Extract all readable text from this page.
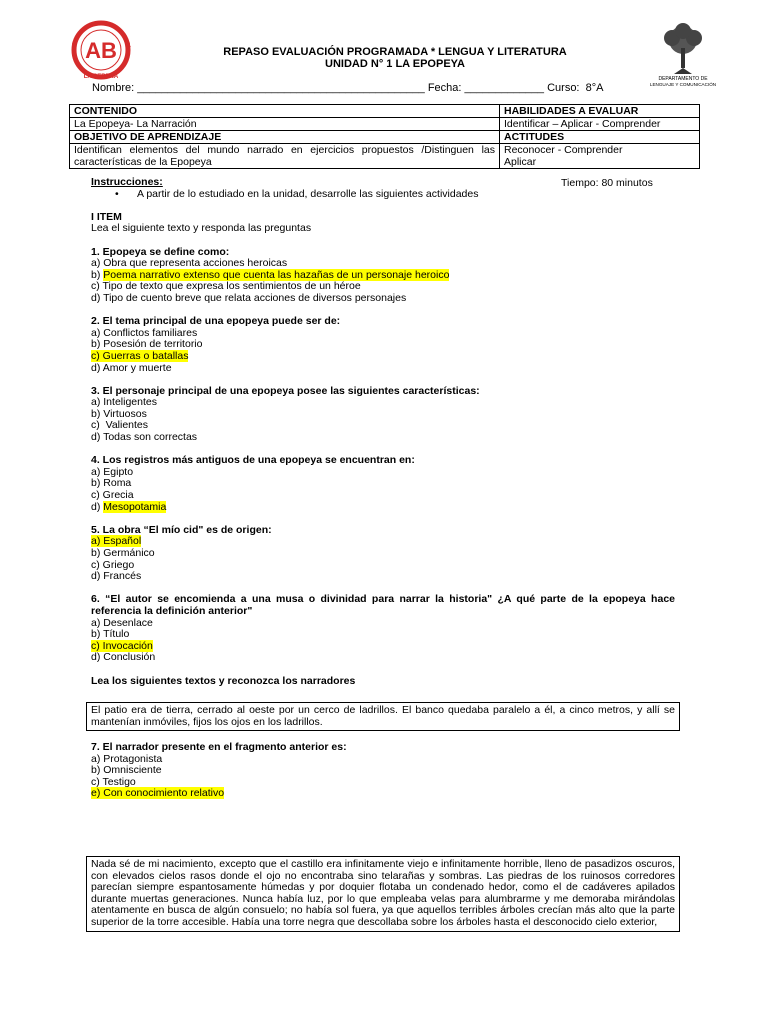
AB
COLEGIO ANDRES BELLO PAMPA
LA SERENA	DEPARTAMENTO DE
LENGUAJE Y COMUNICACIÓN
REPASO EVALUACIÓN PROGRAMADA * LENGUA Y LITERATURA
UNIDAD N° 1 LA EPOPEYA
Nombre: _______________________________________________ Fecha: _____________ Curso:  8°A
CONTENIDO	HABILIDADES A EVALUAR
La Epopeya- La Narración	Identificar – Aplicar - Comprender
OBJETIVO DE APRENDIZAJE	ACTITUDES
Identifican elementos del mundo narrado en ejercicios propuestos /Distinguen las características de la Epopeya	Reconocer - Comprender
Aplicar
Tiempo: 80 minutos

Instrucciones:

• A partir de lo estudiado en la unidad, desarrolle las siguientes actividades

I ITEM

Lea el siguiente texto y responda las preguntas

1. Epopeya se define como:

a) Obra que representa acciones heroicas

b) Poema narrativo extenso que cuenta las hazañas de un personaje heroico

c) Tipo de texto que expresa los sentimientos de un héroe

d) Tipo de cuento breve que relata acciones de diversos personajes

2. El tema principal de una epopeya puede ser de:

a) Conflictos familiares

b) Posesión de territorio

c) Guerras o batallas

d) Amor y muerte

3. El personaje principal de una epopeya posee las siguientes características:

a) Inteligentes

b) Virtuosos

c)  Valientes

d) Todas son correctas

4. Los registros más antiguos de una epopeya se encuentran en:

a) Egipto

b) Roma

c) Grecia

d) Mesopotamia

5. La obra “El mío cid" es de origen:

a) Español

b) Germánico

c) Griego

d) Francés

6. “El autor se encomienda a una musa o divinidad para narrar la historia" ¿A qué parte de la epopeya hace referencia la definición anterior"

a) Desenlace

b) Título

c) Invocación

d) Conclusión

Lea los siguientes textos y reconozca los narradores

El patio era de tierra, cerrado al oeste por un cerco de ladrillos. El banco quedaba paralelo a él, a cinco metros, y allí se mantenían inmóviles, fijos los ojos en los ladrillos.

7. El narrador presente en el fragmento anterior es:

a) Protagonista

b) Omnisciente

c) Testigo

e) Con conocimiento relativo

Nada sé de mi nacimiento, excepto que el castillo era infinitamente viejo e infinitamente horrible, lleno de pasadizos oscuros, con elevados cielos rasos donde el ojo no encontraba sino telarañas y sombras. Las piedras de los ruinosos corredores parecían siempre espantosamente húmedas y por doquier flotaba un condenado hedor, como el de cadáveres apilados durante muertas generaciones. Nunca había luz, por lo que empleaba velas para alumbrarme y me demoraba mirándolas atentamente en busca de algún consuelo; no había sol fuera, ya que aquellos terribles árboles crecían más alto que la parte superior de la torre accesible. Había una torre negra que descollaba sobre los árboles hasta el desconocido cielo exterior,
